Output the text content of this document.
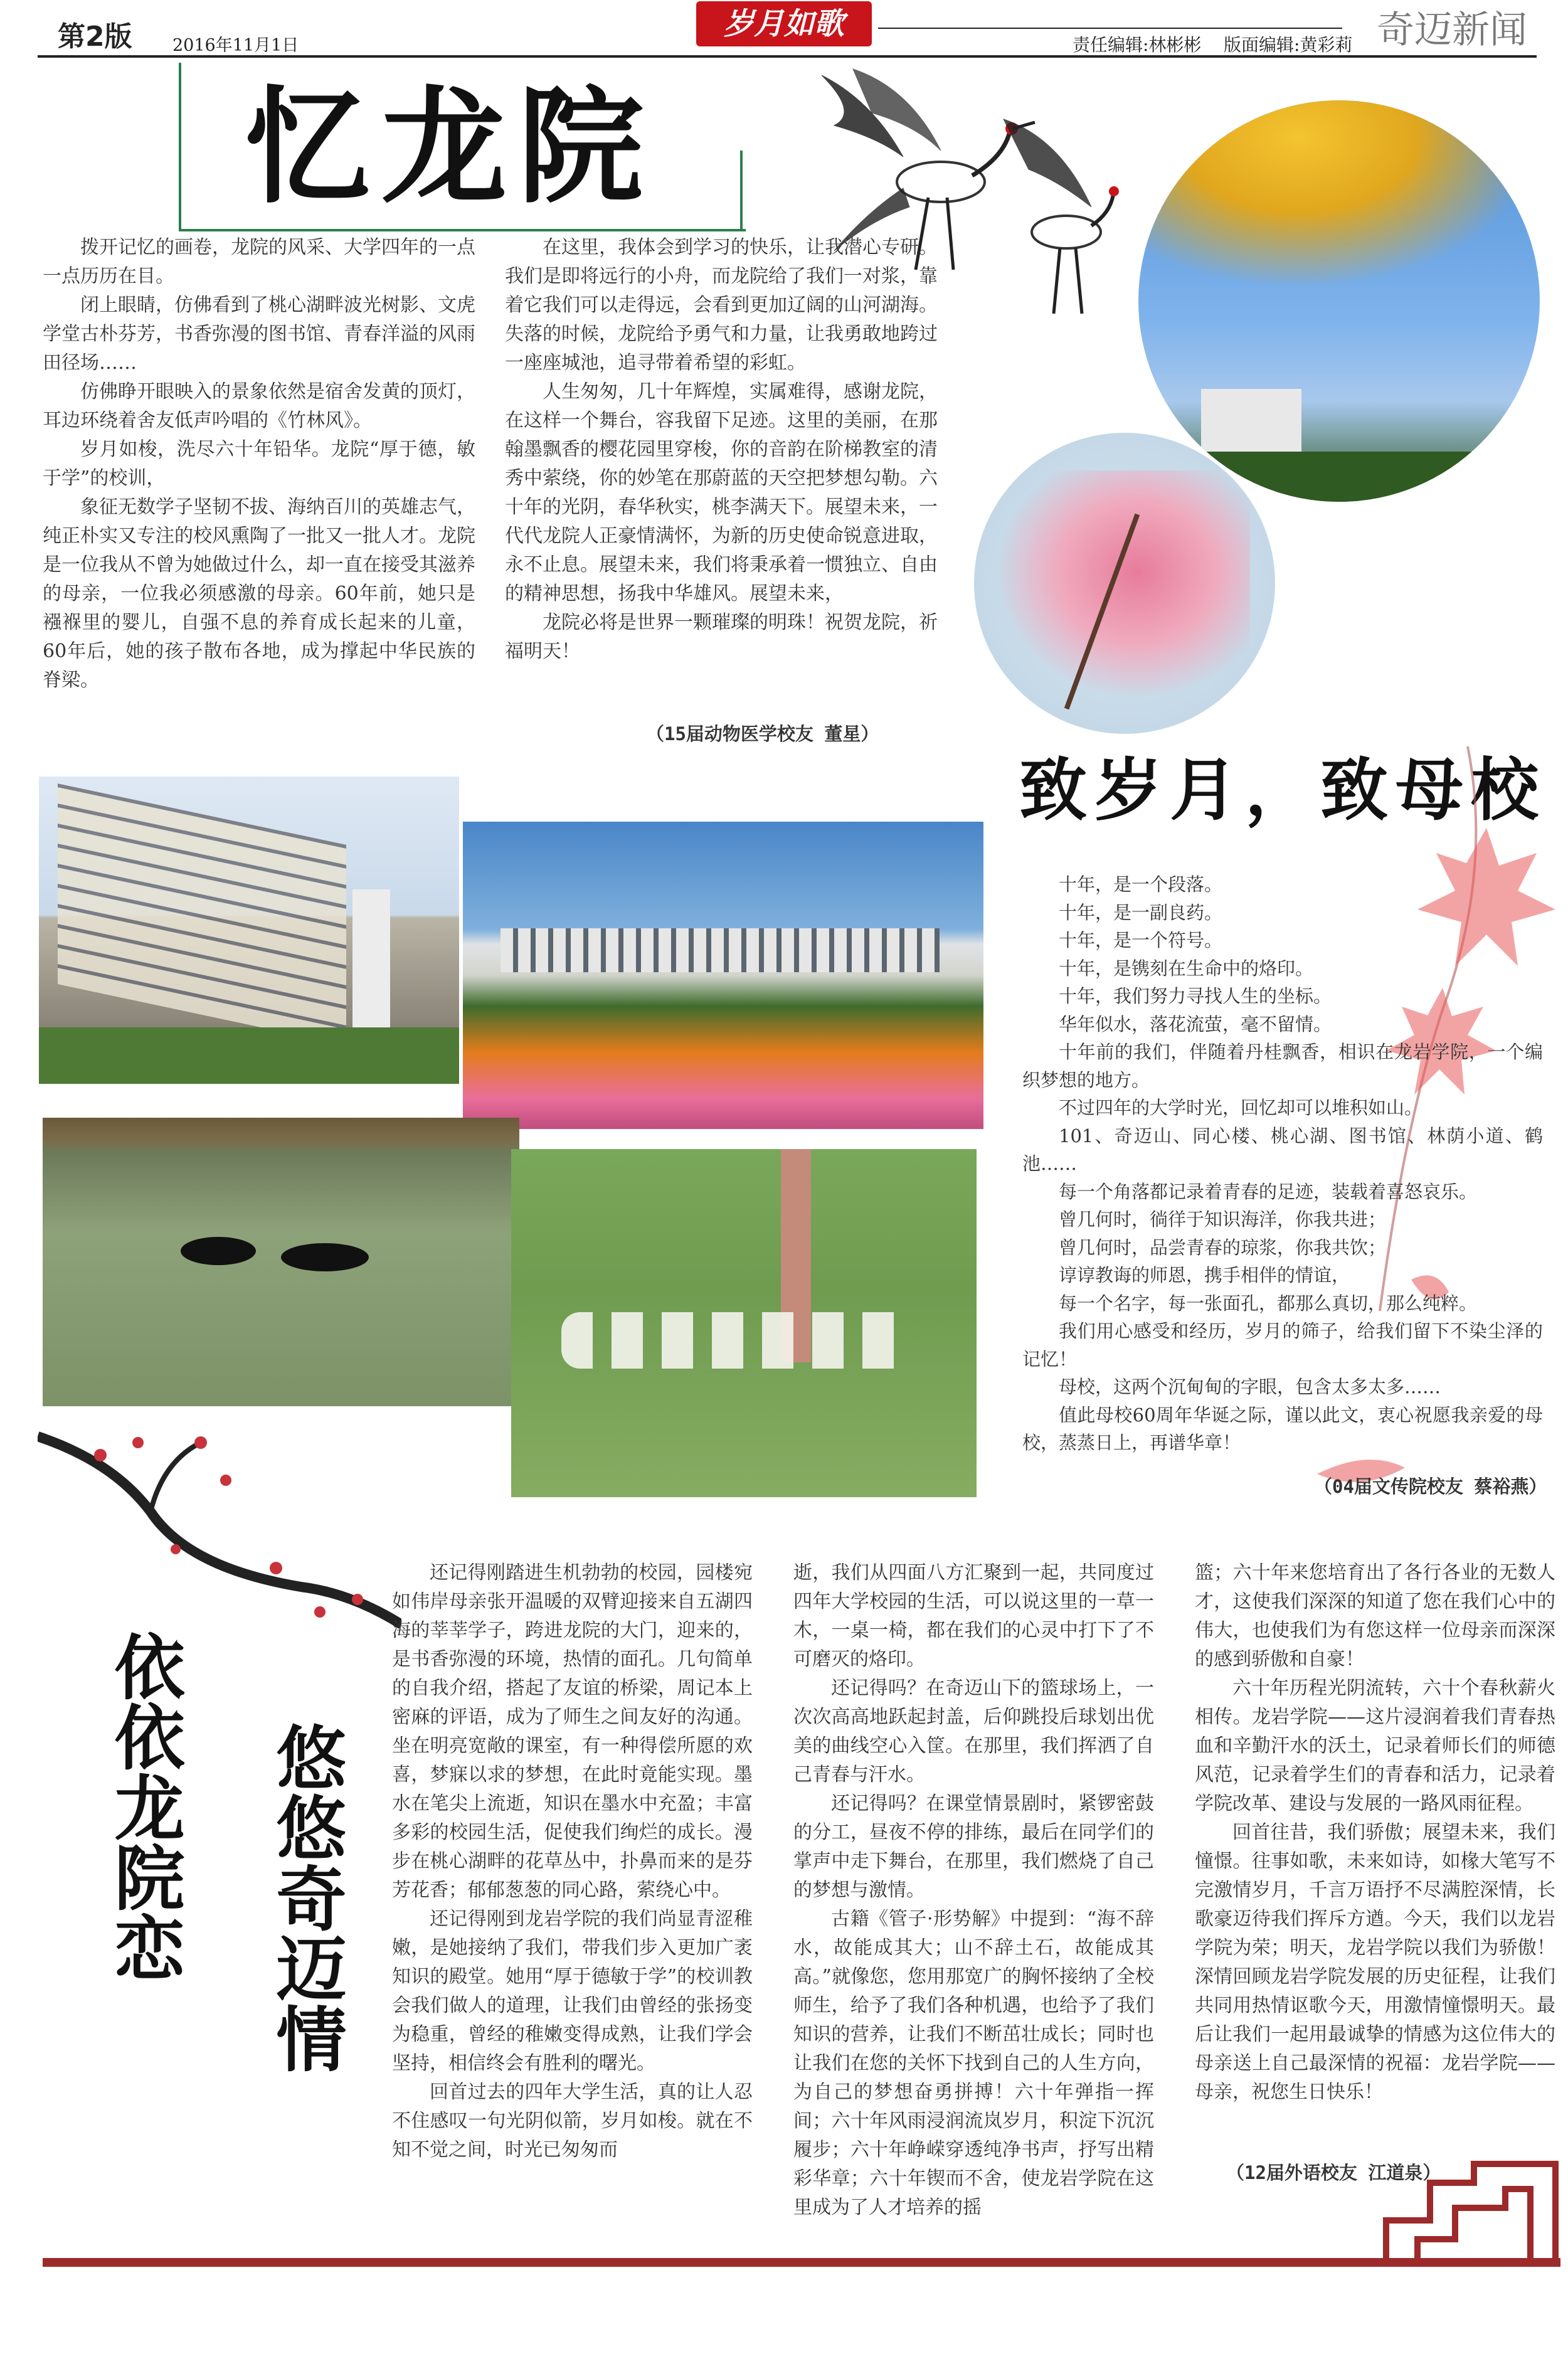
第2版 2016年11月1日
岁月如歌
责任编辑:林彬彬    版面编辑:黄彩莉 奇迈新闻
忆龙院

拨开记忆的画卷，龙院的风采、大学四年的一点一点历历在目。

闭上眼睛，仿佛看到了桃心湖畔波光树影、文虎学堂古朴芬芳，书香弥漫的图书馆、青春洋溢的风雨田径场……

仿佛睁开眼映入的景象依然是宿舍发黄的顶灯，耳边环绕着舍友低声吟唱的《竹林风》。

岁月如梭，洗尽六十年铅华。龙院“厚于德，敏于学”的校训，

象征无数学子坚韧不拔、海纳百川的英雄志气，纯正朴实又专注的校风熏陶了一批又一批人才。龙院是一位我从不曾为她做过什么，却一直在接受其滋养的母亲，一位我必须感激的母亲。60年前，她只是襁褓里的婴儿，自强不息的养育成长起来的儿童，60年后，她的孩子散布各地，成为撑起中华民族的脊梁。

在这里，我体会到学习的快乐，让我潜心专研。我们是即将远行的小舟，而龙院给了我们一对浆，靠着它我们可以走得远，会看到更加辽阔的山河湖海。失落的时候，龙院给予勇气和力量，让我勇敢地跨过一座座城池，追寻带着希望的彩虹。

人生匆匆，几十年辉煌，实属难得，感谢龙院，在这样一个舞台，容我留下足迹。这里的美丽，在那翰墨飘香的樱花园里穿梭，你的音韵在阶梯教室的清秀中萦绕，你的妙笔在那蔚蓝的天空把梦想勾勒。六十年的光阴，春华秋实，桃李满天下。展望未来，一代代龙院人正豪情满怀，为新的历史使命锐意进取，永不止息。展望未来，我们将秉承着一惯独立、自由的精神思想，扬我中华雄风。展望未来，

龙院必将是世界一颗璀璨的明珠！祝贺龙院，祈福明天！

（15届动物医学校友 董星）
致岁月，致母校

十年，是一个段落。

十年，是一副良药。

十年，是一个符号。

十年，是镌刻在生命中的烙印。

十年，我们努力寻找人生的坐标。

华年似水，落花流萤，毫不留情。

十年前的我们，伴随着丹桂飘香，相识在龙岩学院，一个编织梦想的地方。

不过四年的大学时光，回忆却可以堆积如山。

101、奇迈山、同心楼、桃心湖、图书馆、林荫小道、鹤池……

每一个角落都记录着青春的足迹，装载着喜怒哀乐。

曾几何时，徜徉于知识海洋，你我共进；

曾几何时，品尝青春的琼浆，你我共饮；

谆谆教诲的师恩，携手相伴的情谊，

每一个名字，每一张面孔，都那么真切，那么纯粹。

我们用心感受和经历，岁月的筛子，给我们留下不染尘泽的记忆！

母校，这两个沉甸甸的字眼，包含太多太多……

值此母校60周年华诞之际，谨以此文，衷心祝愿我亲爱的母校，蒸蒸日上，再谱华章！

（04届文传院校友 蔡裕燕）
依依龙院恋 悠悠奇迈情

还记得刚踏进生机勃勃的校园，园楼宛如伟岸母亲张开温暖的双臂迎接来自五湖四海的莘莘学子，跨进龙院的大门，迎来的，是书香弥漫的环境，热情的面孔。几句简单的自我介绍，搭起了友谊的桥梁，周记本上密麻的评语，成为了师生之间友好的沟通。坐在明亮宽敞的课室，有一种得偿所愿的欢喜，梦寐以求的梦想，在此时竟能实现。墨水在笔尖上流逝，知识在墨水中充盈；丰富多彩的校园生活，促使我们绚烂的成长。漫步在桃心湖畔的花草丛中，扑鼻而来的是芬芳花香；郁郁葱葱的同心路，萦绕心中。

还记得刚到龙岩学院的我们尚显青涩稚嫩，是她接纳了我们，带我们步入更加广袤知识的殿堂。她用“厚于德敏于学”的校训教会我们做人的道理，让我们由曾经的张扬变为稳重，曾经的稚嫩变得成熟，让我们学会坚持，相信终会有胜利的曙光。

回首过去的四年大学生活，真的让人忍不住感叹一句光阴似箭，岁月如梭。就在不知不觉之间，时光已匆匆而

逝，我们从四面八方汇聚到一起，共同度过四年大学校园的生活，可以说这里的一草一木，一桌一椅，都在我们的心灵中打下了不可磨灭的烙印。

还记得吗？在奇迈山下的篮球场上，一次次高高地跃起封盖，后仰跳投后球划出优美的曲线空心入筐。在那里，我们挥洒了自己青春与汗水。

还记得吗？在课堂情景剧时，紧锣密鼓的分工，昼夜不停的排练，最后在同学们的掌声中走下舞台，在那里，我们燃烧了自己的梦想与激情。

古籍《管子·形势解》中提到：“海不辞水，故能成其大；山不辞土石，故能成其高。”就像您，您用那宽广的胸怀接纳了全校师生，给予了我们各种机遇，也给予了我们知识的营养，让我们不断茁壮成长；同时也让我们在您的关怀下找到自己的人生方向，为自己的梦想奋勇拼搏！六十年弹指一挥间；六十年风雨浸润流岚岁月，积淀下沉沉履步；六十年峥嵘穿透纯净书声，抒写出精彩华章；六十年锲而不舍，使龙岩学院在这里成为了人才培养的摇

篮；六十年来您培育出了各行各业的无数人才，这使我们深深的知道了您在我们心中的伟大，也使我们为有您这样一位母亲而深深的感到骄傲和自豪！

六十年历程光阴流转，六十个春秋薪火相传。龙岩学院——这片浸润着我们青春热血和辛勤汗水的沃土，记录着师长们的师德风范，记录着学生们的青春和活力，记录着学院改革、建设与发展的一路风雨征程。

回首往昔，我们骄傲；展望未来，我们憧憬。往事如歌，未来如诗，如椽大笔写不完激情岁月，千言万语抒不尽满腔深情，长歌豪迈待我们挥斥方遒。今天，我们以龙岩学院为荣；明天，龙岩学院以我们为骄傲！深情回顾龙岩学院发展的历史征程，让我们共同用热情讴歌今天，用激情憧憬明天。最后让我们一起用最诚挚的情感为这位伟大的母亲送上自己最深情的祝福：龙岩学院——母亲，祝您生日快乐！

（12届外语校友 江道泉）
